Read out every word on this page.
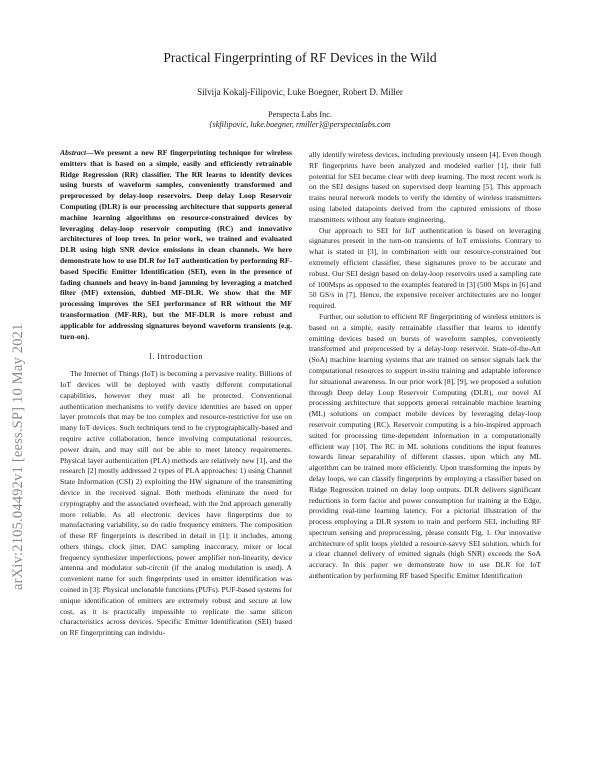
arXiv:2105.04492v1 [eess.SP] 10 May 2021
Practical Fingerprinting of RF Devices in the Wild
Silvija Kokalj-Filipovic, Luke Boegner, Robert D. Miller
Perspecta Labs Inc.
{skfilipovic, luke.boegner, rmiller}@perspectalabs.com

Abstract—We present a new RF fingerprinting technique for wireless emitters that is based on a simple, easily and efficiently retrainable Ridge Regression (RR) classifier. The RR learns to identify devices using bursts of waveform samples, conveniently transformed and preprocessed by delay-loop reservoirs. Deep delay Loop Reservoir Computing (DLR) is our processing architecture that supports general machine learning algorithms on resource-constrained devices by leveraging delay-loop reservoir computing (RC) and innovative architectures of loop trees. In prior work, we trained and evaluated DLR using high SNR device emissions in clean channels. We here demonstrate how to use DLR for IoT authentication by performing RF-based Specific Emitter Identification (SEI), even in the presence of fading channels and heavy in-band jamming by leveraging a matched filter (MF) extension, dubbed MF-DLR. We show that the MF processing improves the SEI performance of RR without the MF transformation (MF-RR), but the MF-DLR is more robust and applicable for addressing signatures beyond waveform transients (e.g. turn-on).

I. Introduction

The Internet of Things (IoT) is becoming a pervasive reality. Billions of IoT devices will be deployed with vastly different computational capabilities, however they must all be protected. Conventional authentication mechanisms to verify device identities are based on upper layer protocols that may be too complex and resource-restrictive for use on many IoT devices. Such techniques tend to be cryptographically-based and require active collaboration, hence involving computational resources, power drain, and may still not be able to meet latency requirements. Physical layer authentication (PLA) methods are relatively new [1], and the research [2] mostly addressed 2 types of PLA approaches: 1) using Channel State Information (CSI) 2) exploiting the HW signature of the transmitting device in the received signal. Both methods eliminate the need for cryptography and the associated overhead, with the 2nd approach generally more reliable. As all electronic devices have fingerprints due to manufacturing variability, so do radio frequency emitters. The composition of these RF fingerprints is described in detail in [1]: it includes, among others things, clock jitter, DAC sampling inaccuracy, mixer or local frequency synthesizer imperfections, power amplifier non-linearity, device antenna and modulator sub-circuit (if the analog modulation is used). A convenient name for such fingerprints used in emitter identification was coined in [3]: Physical unclonable functions (PUFs). PUF-based systems for unique identification of emitters are extremely robust and secure at low cost, as it is practically impossible to replicate the same silicon characteristics across devices. Specific Emitter Identification (SEI) based on RF fingerprinting can individu-

ally identify wireless devices, including previously unseen [4]. Even though RF fingerprints have been analyzed and modeled earlier [1], their full potential for SEI became clear with deep learning. The most recent work is on the SEI designs based on supervised deep learning [5]. This approach trains neural network models to verify the identity of wireless transmitters using labeled datapoints derived from the captured emissions of those transmitters without any feature engineering.

Our approach to SEI for IoT authentication is based on leveraging signatures present in the turn-on transients of IoT emissions. Contrary to what is stated in [3], in combination with our resource-constrained but extremely efficient classifier, these signatures prove to be accurate and robust. Our SEI design based on delay-loop reservoirs used a sampling rate of 100Msps as opposed to the examples featured in [3] (500 Msps in [6] and 50 GS/s in [7]. Hence, the expensive receiver architectures are no longer required.

Further, our solution to efficient RF fingerprinting of wireless emitters is based on a simple, easily retrainable classifier that learns to identify emitting devices based on bursts of waveform samples, conveniently transformed and preprocessed by a delay-loop reservoir. State-of-the-Art (SoA) machine learning systems that are trained on sensor signals lack the computational resources to support in-situ training and adaptable inference for situational awareness. In our prior work [8], [9], we proposed a solution through Deep delay Loop Reservoir Computing (DLR), our novel AI processing architecture that supports general retrainable machine learning (ML) solutions on compact mobile devices by leveraging delay-loop reservoir computing (RC). Reservoir computing is a bio-inspired approach suited for processing time-dependent information in a computationally efficient way [10]. The RC in ML solutions conditions the input features towards linear separability of different classes, upon which any ML algorithm can be trained more efficiently. Upon transforming the inputs by delay loops, we can classify fingerprints by employing a classifier based on Ridge Regression trained on delay loop outputs. DLR delivers significant reductions in form factor and power consumption for training at the Edge, providing real-time learning latency. For a pictorial illustration of the process employing a DLR system to train and perform SEI, including RF spectrum sensing and preprocessing, please consult Fig. 1. Our innovative architecture of split loops yielded a resource-savvy SEI solution, which for a clear channel delivery of emitted signals (high SNR) exceeds the SoA accuracy. In this paper we demonstrate how to use DLR for IoT authentication by performing RF based Specific Emitter Identification
